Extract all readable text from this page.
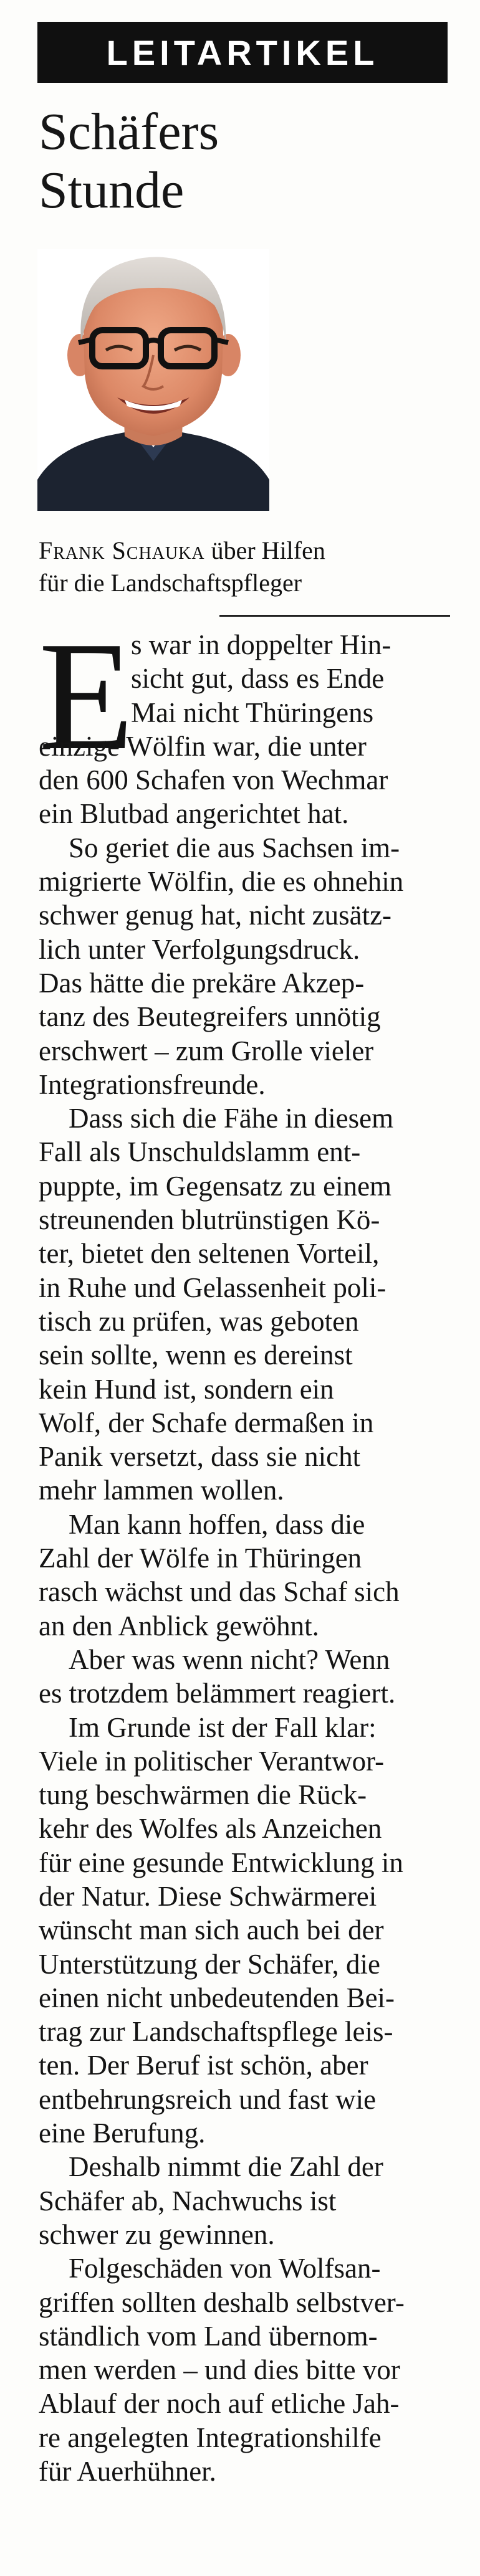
LEITARTIKEL
Schäfers
Stunde
Frank Schauka über Hilfen
für die Landschaftspfleger
E
s war in doppelter Hin-
sicht gut, dass es Ende
Mai nicht Thüringens
einzige Wölfin war, die unter
den 600 Schafen von Wechmar
ein Blutbad angerichtet hat.
So geriet die aus Sachsen im-
migrierte Wölfin, die es ohnehin
schwer genug hat, nicht zusätz-
lich unter Verfolgungsdruck.
Das hätte die prekäre Akzep-
tanz des Beutegreifers unnötig
erschwert – zum Grolle vieler
Integrationsfreunde.
Dass sich die Fähe in diesem
Fall als Unschuldslamm ent-
puppte, im Gegensatz zu einem
streunenden blutrünstigen Kö-
ter, bietet den seltenen Vorteil,
in Ruhe und Gelassenheit poli-
tisch zu prüfen, was geboten
sein sollte, wenn es dereinst
kein Hund ist, sondern ein
Wolf, der Schafe dermaßen in
Panik versetzt, dass sie nicht
mehr lammen wollen.
Man kann hoffen, dass die
Zahl der Wölfe in Thüringen
rasch wächst und das Schaf sich
an den Anblick gewöhnt.
Aber was wenn nicht? Wenn
es trotzdem belämmert reagiert.
Im Grunde ist der Fall klar:
Viele in politischer Verantwor-
tung beschwärmen die Rück-
kehr des Wolfes als Anzeichen
für eine gesunde Entwicklung in
der Natur. Diese Schwärmerei
wünscht man sich auch bei der
Unterstützung der Schäfer, die
einen nicht unbedeutenden Bei-
trag zur Landschaftspflege leis-
ten. Der Beruf ist schön, aber
entbehrungsreich und fast wie
eine Berufung.
Deshalb nimmt die Zahl der
Schäfer ab, Nachwuchs ist
schwer zu gewinnen.
Folgeschäden von Wolfsan-
griffen sollten deshalb selbstver-
ständlich vom Land übernom-
men werden – und dies bitte vor
Ablauf der noch auf etliche Jah-
re angelegten Integrationshilfe
für Auerhühner.
